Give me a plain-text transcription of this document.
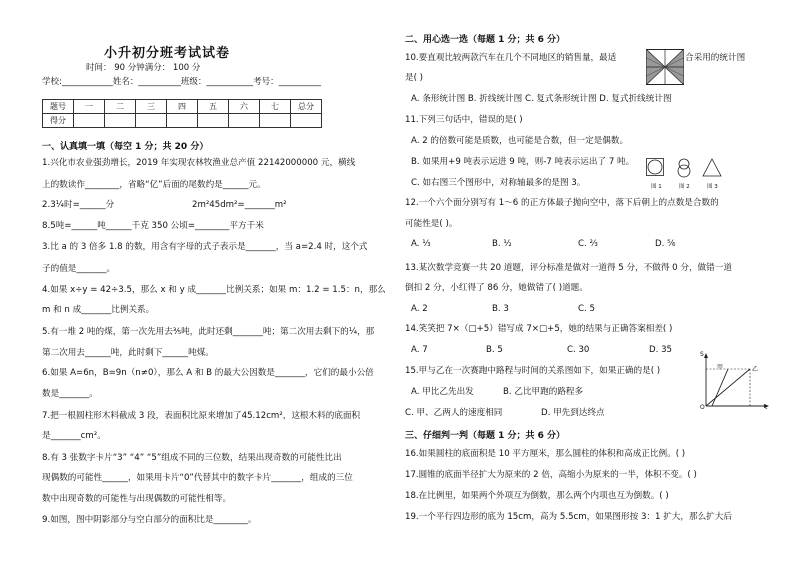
小升初分班考试试卷
时间： 90 分钟满分： 100 分
学校:____________姓名：__________班级：___________考号：__________
题号	一	二	三	四	五	六	七	总分
得分								
一、认真填一填（每空 1 分；共 20 分）
1.兴化市农业强劲增长，2019 年实现农林牧渔业总产值 22142000000 元，横线
上的数读作________，省略“亿”后面的尾数约是______元。
2.3¼时=______分	2m²45dm²=_______m²
8.5吨=______吨______千克 350 公顷=________平方千米
3.比 a 的 3 倍多 1.8 的数，用含有字母的式子表示是_______，当 a=2.4 时，这个式
子的值是_______。
4.如果 x÷y = 42÷3.5，那么 x 和 y 成_______比例关系；如果 m：1.2 = 1.5：n，那么
m 和 n 成_______比例关系。
5.有一堆 2 吨的煤，第一次先用去⅗吨，此时还剩_______吨；第二次用去剩下的¼，那
第二次用去______吨，此时剩下______吨煤。
6.如果 A=6n，B=9n（n≠0），那么 A 和 B 的最大公因数是_______，它们的最小公倍
数是_______。
7.把一根圆柱形木料截成 3 段，表面积比原来增加了45.12cm²，这根木料的底面积
是_______cm²。
8.有 3 张数字卡片“3” “4” “5”组成不同的三位数，结果出现奇数的可能性比出
现偶数的可能性______，如果用卡片“0”代替其中的数字卡片_______，组成的三位
数中出现奇数的可能性与出现偶数的可能性相等。
9.如图，图中阴影部分与空白部分的面积比是________。
二、用心选一选（每题 1 分；共 6 分）
10.要直观比较两款汽车在几个不同地区的销售量，最适	合采用的统计图
是( )
A. 条形统计图 B. 折线统计图 C. 复式条形统计图 D. 复式折线统计图
11.下列三句话中，错误的是( )
A. 2 的倍数可能是质数，也可能是合数，但一定是偶数。
B. 如果用+9 吨表示运进 9 吨，则-7 吨表示运出了 7 吨。
C. 如右图三个图形中，对称轴最多的是图 3。	图 1	图 2	图 3
12.一个六个面分别写有 1～6 的正方体最子抛向空中，落下后朝上的点数是合数的
可能性是( )。
A. ⅓	B. ½	C. ⅔	D. ⅚
13.某次数学竞赛一共 20 道题，评分标准是做对一道得 5 分，不做得 0 分，做错一道
倒扣 2 分，小红得了 86 分，她做错了( )道题。
A. 2	B. 3	C. 5
14.笑笑把 7×（□+5）错写成 7×□+5，她的结果与正确答案相差( )
A. 7	B. 5	C. 30	D. 35
15.甲与乙在一次赛跑中路程与时间的关系图如下，如果正确的是( )
A. 甲比乙先出发	B. 乙比甲跑的路程多
C. 甲、乙两人的速度相同	D. 甲先到达终点
S
O	t
甲	乙
三、仔细判一判（每题 1 分；共 6 分）
16.如果圆柱的底面积是 10 平方厘米，那么圆柱的体积和高成正比例。( )
17.圆锥的底面半径扩大为原来的 2 倍，高缩小为原来的一半，体积不变。( )
18.在比例里，如果两个外项互为倒数，那么两个内项也互为倒数。( )
19.一个平行四边形的底为 15cm，高为 5.5cm，如果图形按 3：1 扩大，那么扩大后
